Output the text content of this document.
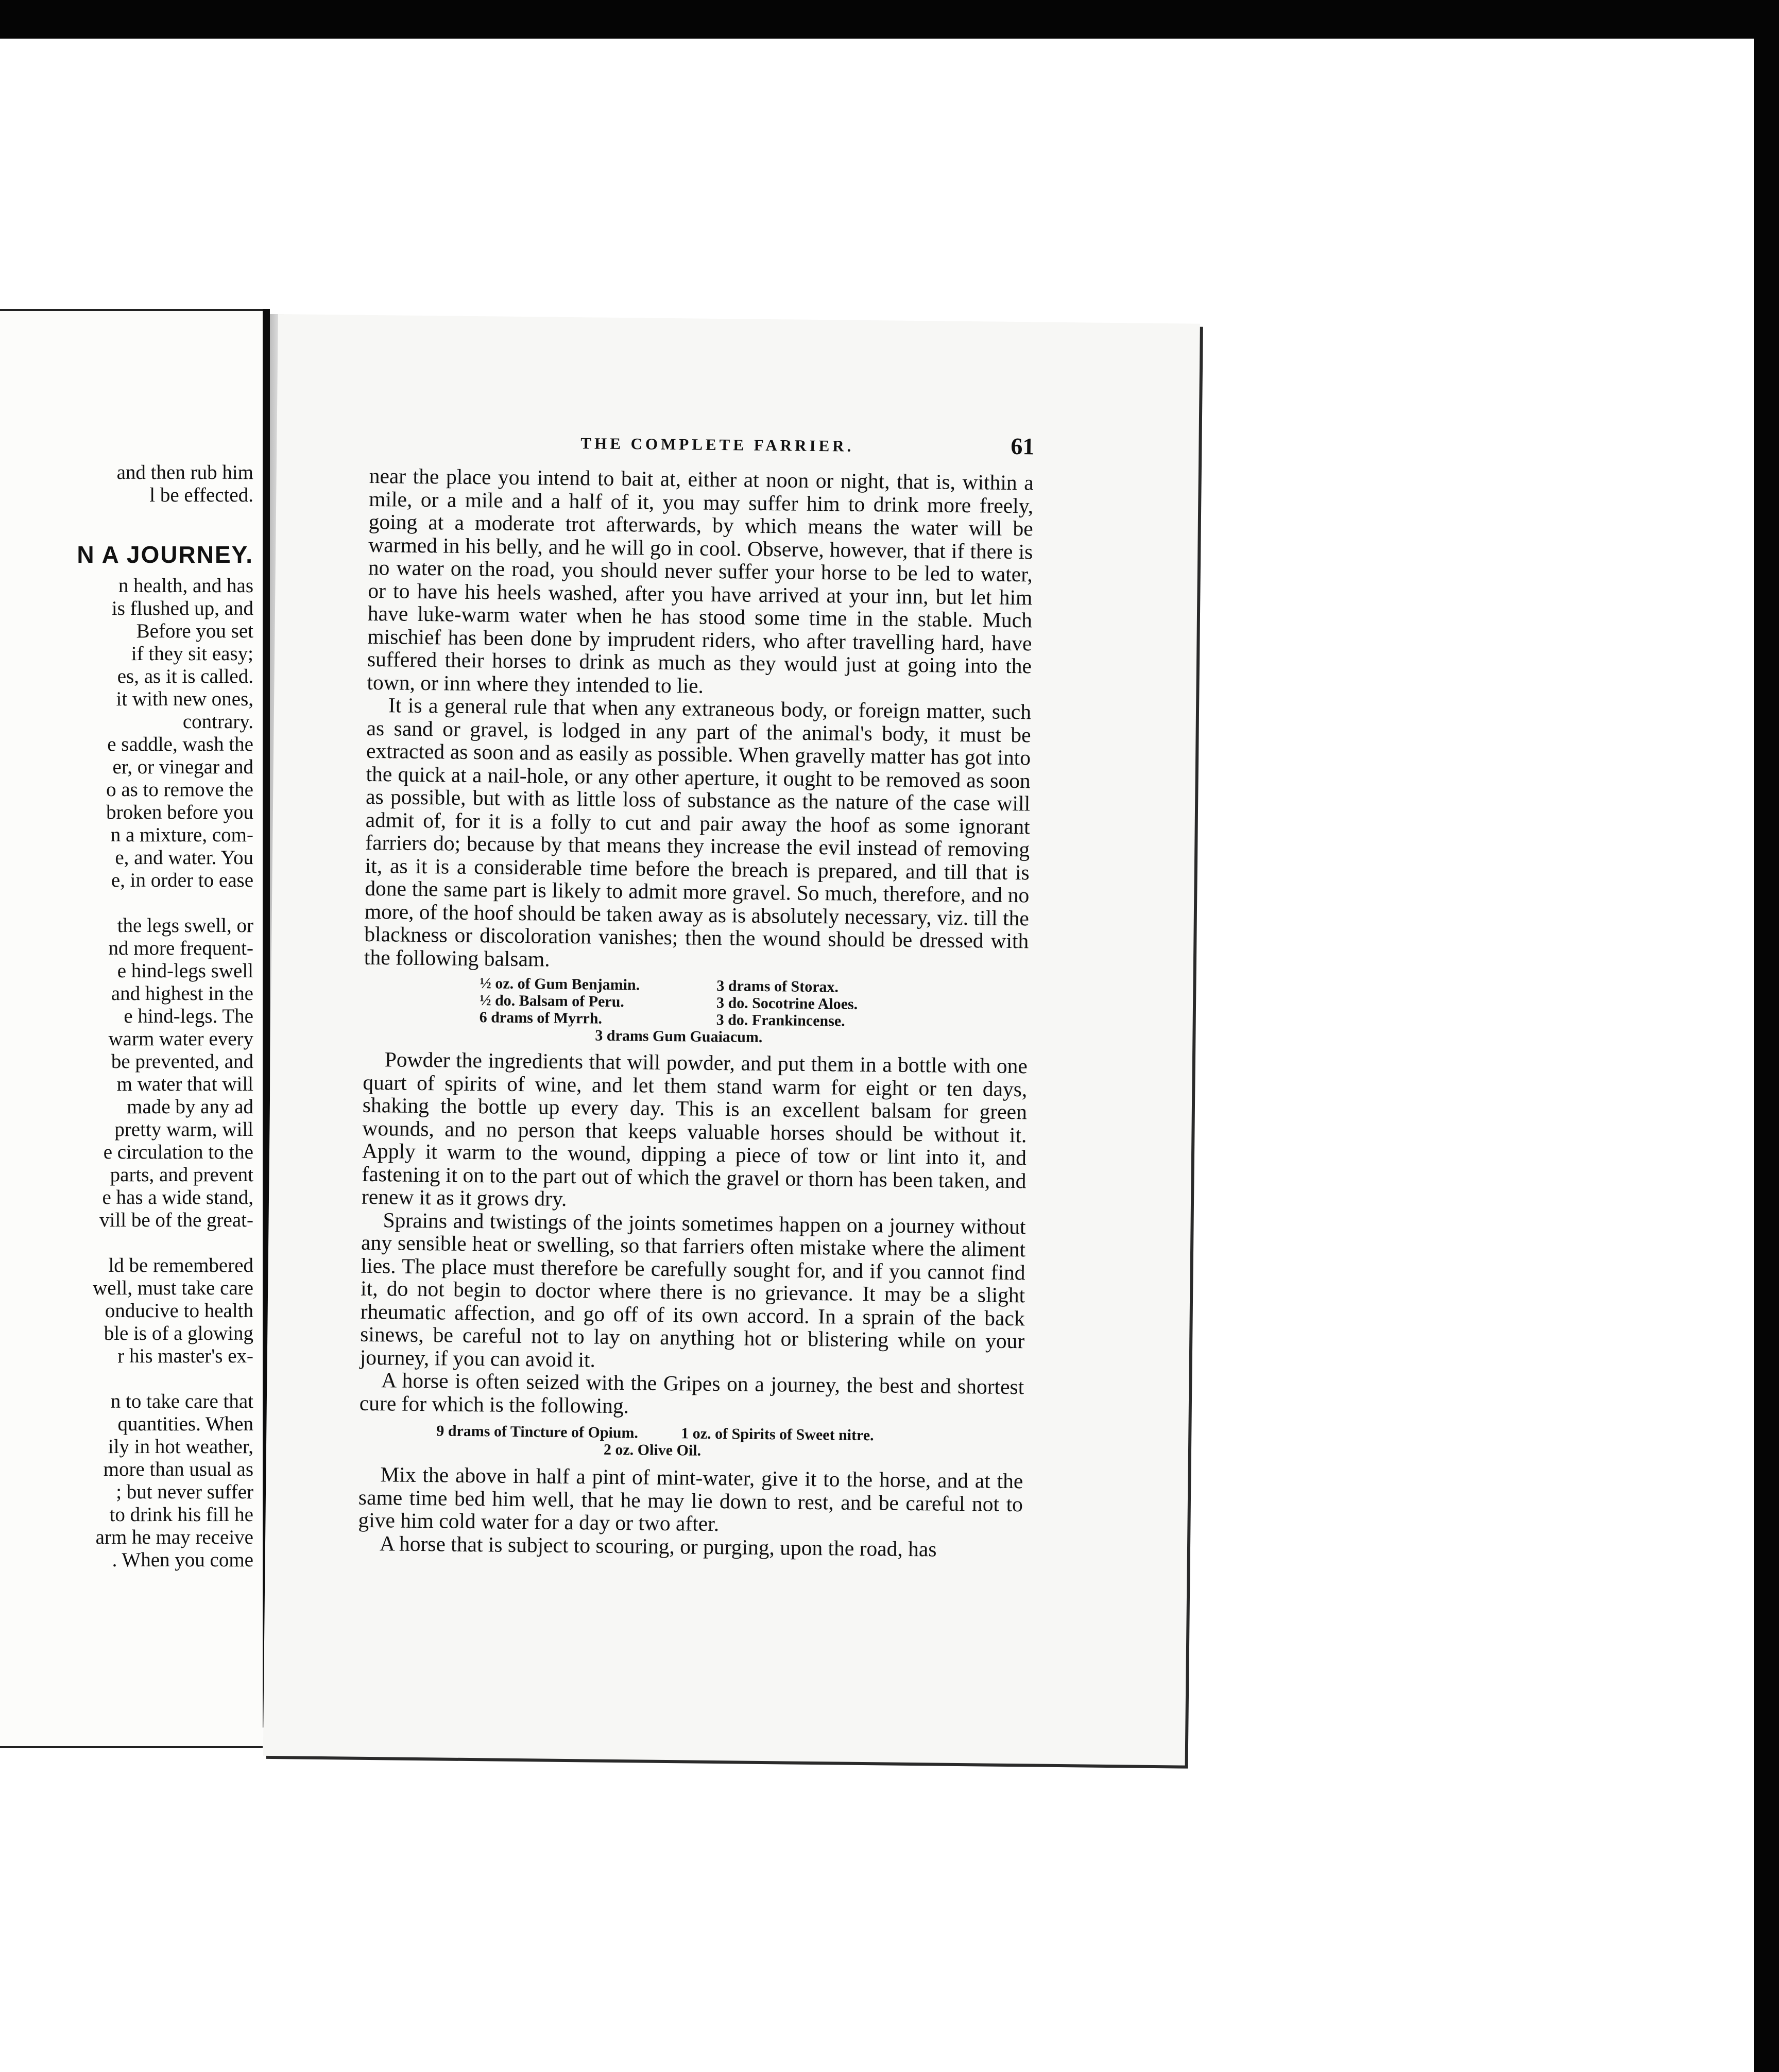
and then rub him
l be effected.
N A JOURNEY.
n health, and has
is flushed up, and
Before you set
if they sit easy;
es, as it is called.
it with new ones,
contrary.
e saddle, wash the
er, or vinegar and
o as to remove the
broken before you
n a mixture, com-
e, and water. You
e, in order to ease
the legs swell, or
nd more frequent-
e hind-legs swell
and highest in the
e hind-legs. The
warm water every
be prevented, and
m water that will
made by any ad
pretty warm, will
e circulation to the
parts, and prevent
e has a wide stand,
vill be of the great-
ld be remembered
well, must take care
onducive to health
ble is of a glowing
r his master's ex-
n to take care that
quantities. When
ily in hot weather,
more than usual as
; but never suffer
to drink his fill he
arm he may receive
. When you come
THE COMPLETE FARRIER.	61

near the place you intend to bait at, either at noon or night, that is, within a mile, or a mile and a half of it, you may suffer him to drink more freely, going at a moderate trot afterwards, by which means the water will be warmed in his belly, and he will go in cool. Observe, however, that if there is no water on the road, you should never suffer your horse to be led to water, or to have his heels washed, after you have arrived at your inn, but let him have luke-warm water when he has stood some time in the stable. Much mischief has been done by imprudent riders, who after travelling hard, have suffered their horses to drink as much as they would just at going into the town, or inn where they intended to lie.

It is a general rule that when any extraneous body, or foreign matter, such as sand or gravel, is lodged in any part of the animal's body, it must be extracted as soon and as easily as possible. When gravelly matter has got into the quick at a nail-hole, or any other aperture, it ought to be removed as soon as possible, but with as little loss of substance as the nature of the case will admit of, for it is a folly to cut and pair away the hoof as some ignorant farriers do; because by that means they increase the evil instead of removing it, as it is a considerable time before the breach is prepared, and till that is done the same part is likely to admit more gravel. So much, therefore, and no more, of the hoof should be taken away as is absolutely necessary, viz. till the blackness or discoloration vanishes; then the wound should be dressed with the following balsam.

½ oz. of Gum Benjamin.	3 drams of Storax.
½ do. Balsam of Peru.	3 do. Socotrine Aloes.
6 drams of Myrrh.	3 do. Frankincense.
3 drams Gum Guaiacum.

Powder the ingredients that will powder, and put them in a bottle with one quart of spirits of wine, and let them stand warm for eight or ten days, shaking the bottle up every day. This is an excellent balsam for green wounds, and no person that keeps valuable horses should be without it. Apply it warm to the wound, dipping a piece of tow or lint into it, and fastening it on to the part out of which the gravel or thorn has been taken, and renew it as it grows dry.

Sprains and twistings of the joints sometimes happen on a journey without any sensible heat or swelling, so that farriers often mistake where the aliment lies. The place must therefore be carefully sought for, and if you cannot find it, do not begin to doctor where there is no grievance. It may be a slight rheumatic affection, and go off of its own accord. In a sprain of the back sinews, be careful not to lay on anything hot or blistering while on your journey, if you can avoid it.

A horse is often seized with the Gripes on a journey, the best and shortest cure for which is the following.

9 drams of Tincture of Opium.	1 oz. of Spirits of Sweet nitre.
2 oz. Olive Oil.

Mix the above in half a pint of mint-water, give it to the horse, and at the same time bed him well, that he may lie down to rest, and be careful not to give him cold water for a day or two after.

A horse that is subject to scouring, or purging, upon the road, has
